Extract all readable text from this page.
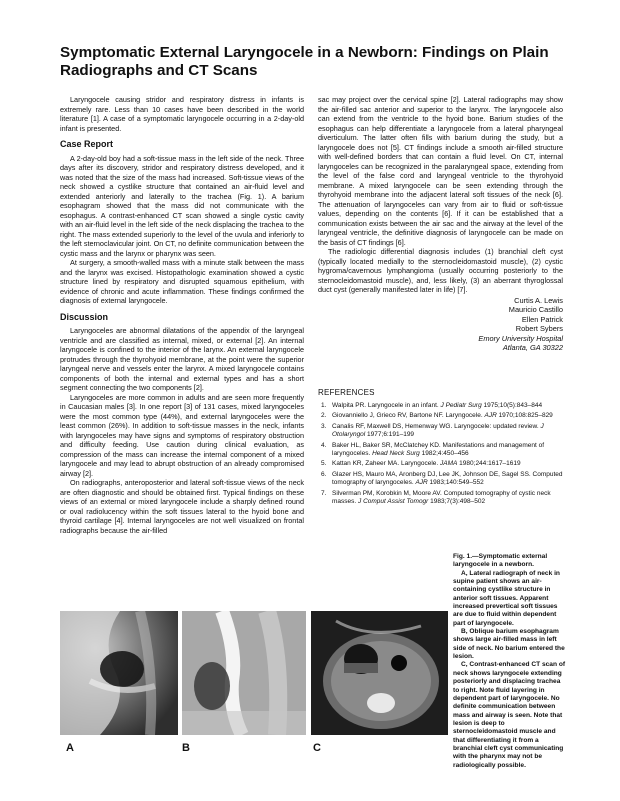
Symptomatic External Laryngocele in a Newborn: Findings on Plain
Radiographs and CT Scans

Laryngocele causing stridor and respiratory distress in infants is extremely rare. Less than 10 cases have been described in the world literature [1]. A case of a symptomatic laryngocele occurring in a 2-day-old infant is presented.

Case Report

A 2-day-old boy had a soft-tissue mass in the left side of the neck. Three days after its discovery, stridor and respiratory distress developed, and it was noted that the size of the mass had increased. Soft-tissue views of the neck showed a cystlike structure that contained an air-fluid level and extended anteriorly and laterally to the trachea (Fig. 1). A barium esophagram showed that the mass did not communicate with the esophagus. A contrast-enhanced CT scan showed a single cystic cavity with an air-fluid level in the left side of the neck displacing the trachea to the right. The mass extended superiorly to the level of the uvula and inferiorly to the left sternoclavicular joint. On CT, no definite communication between the cystic mass and the larynx or pharynx was seen.

At surgery, a smooth-walled mass with a minute stalk between the mass and the larynx was excised. Histopathologic examination showed a cystic structure lined by respiratory and disrupted squamous epithelium, with evidence of chronic and acute inflammation. These findings confirmed the diagnosis of external laryngocele.

Discussion

Laryngoceles are abnormal dilatations of the appendix of the laryngeal ventricle and are classified as internal, mixed, or external [2]. An internal laryngocele is confined to the interior of the larynx. An external laryngocele protrudes through the thyrohyoid membrane, at the point were the superior laryngeal nerve and vessels enter the larynx. A mixed laryngocele contains components of both the internal and external types and has a short segment connecting the two components [2].

Laryngoceles are more common in adults and are seen more frequently in Caucasian males [3]. In one report [3] of 131 cases, mixed laryngoceles were the most common type (44%), and external laryngoceles were the least common (26%). In addition to soft-tissue masses in the neck, infants with laryngoceles may have signs and symptoms of respiratory obstruction and difficulty feeding. Use caution during clinical evaluation, as compression of the mass can increase the internal component of a mixed laryngocele and may lead to abrupt obstruction of an already compromised airway [2].

On radiographs, anteroposterior and lateral soft-tissue views of the neck are often diagnostic and should be obtained first. Typical findings on these views of an external or mixed laryngocele include a sharply defined round or oval radiolucency within the soft tissues lateral to the hyoid bone and thyroid cartilage [4]. Internal laryngoceles are not well visualized on frontal radiographs because the air-filled

sac may project over the cervical spine [2]. Lateral radiographs may show the air-filled sac anterior and superior to the larynx. The laryngocele also can extend from the ventricle to the hyoid bone. Barium studies of the esophagus can help differentiate a laryngocele from a lateral pharyngeal diverticulum. The latter often fills with barium during the study, but a laryngocele does not [5]. CT findings include a smooth air-filled structure with well-defined borders that can contain a fluid level. On CT, internal laryngoceles can be recognized in the paralaryngeal space, extending from the level of the false cord and laryngeal ventricle to the thyrohyoid membrane. A mixed laryngocele can be seen extending through the thyrohyoid membrane into the adjacent lateral soft tissues of the neck [6]. The attenuation of laryngoceles can vary from air to fluid or soft-tissue values, depending on the contents [6]. If it can be established that a communication exists between the air sac and the airway at the level of the laryngeal ventricle, the definitive diagnosis of laryngocele can be made on the basis of CT findings [6].

The radiologic differential diagnosis includes (1) branchial cleft cyst (typically located medially to the sternocleidomastoid muscle), (2) cystic hygroma/cavernous lymphangioma (usually occurring posteriorly to the sternocleidomastoid muscle), and, less likely, (3) an aberrant thyroglossal duct cyst (generally manifested later in life) [7].

Curtis A. Lewis
Mauricio Castillo
Ellen Patrick
Robert Sybers
Emory University Hospital
Atlanta, GA 30322
REFERENCES
1. Walpita PR. Laryngocele in an infant. J Pediatr Surg 1975;10(5):843–844
2. Giovanniello J, Grieco RV, Bartone NF. Laryngocele. AJR 1970;108:825–829
3. Canalis RF, Maxwell DS, Hemenway WG. Laryngocele: updated review. J Otolaryngol 1977;6:191–199
4. Baker HL, Baker SR, McClatchey KD. Manifestations and management of laryngoceles. Head Neck Surg 1982;4:450–456
5. Kattan KR, Zaheer MA. Laryngocele. JAMA 1980;244:1617–1619
6. Glazer HS, Mauro MA, Aronberg DJ, Lee JK, Johnson DE, Sagel SS. Computed tomography of laryngoceles. AJR 1983;140:549–552
7. Silverman PM, Korobkin M, Moore AV. Computed tomography of cystic neck masses. J Comput Assist Tomogr 1983;7(3):498–502

Fig. 1.—Symptomatic external laryngocele in a newborn.

A, Lateral radiograph of neck in supine patient shows an air-containing cystlike structure in anterior soft tissues. Apparent increased prevertical soft tissues are due to fluid within dependent part of laryngocele.

B, Oblique barium esophagram shows large air-filled mass in left side of neck. No barium entered the lesion.

C, Contrast-enhanced CT scan of neck shows laryngocele extending posteriorly and displacing trachea to right. Note fluid layering in dependent part of laryngocele. No definite communication between mass and airway is seen. Note that lesion is deep to sternocleidomastoid muscle and that differentiating it from a branchial cleft cyst communicating with the pharynx may not be radiologically possible.

A	B	C
